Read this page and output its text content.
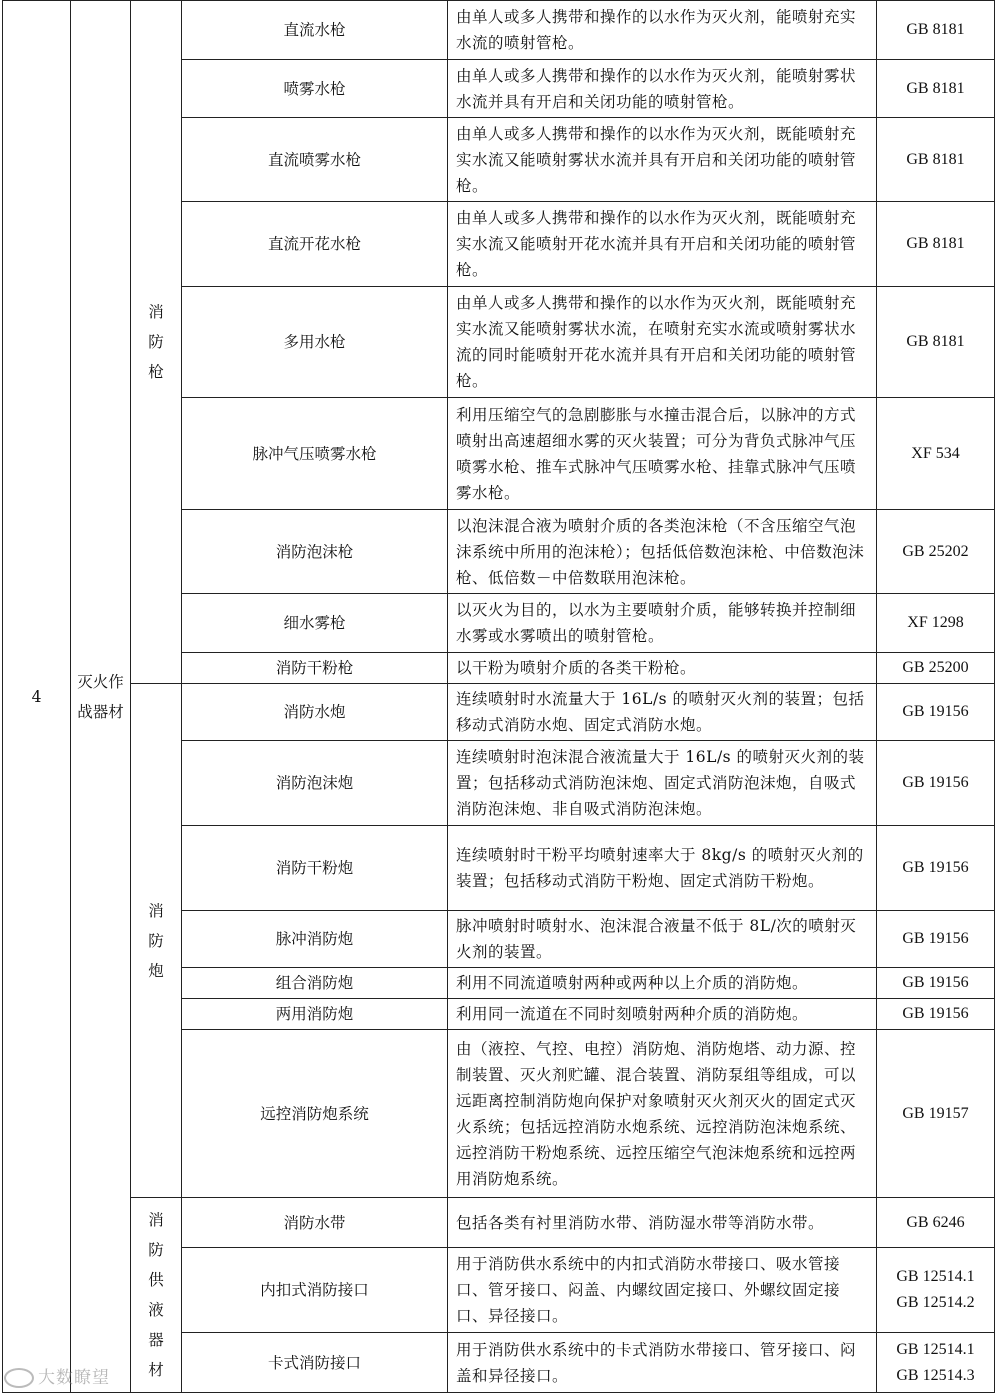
4	灭火作战器材	消防枪	直流水枪	由单人或多人携带和操作的以水作为灭火剂，能喷射充实水流的喷射管枪。	GB 8181
			喷雾水枪	由单人或多人携带和操作的以水作为灭火剂，能喷射雾状水流并具有开启和关闭功能的喷射管枪。	GB 8181
			直流喷雾水枪	由单人或多人携带和操作的以水作为灭火剂，既能喷射充实水流又能喷射雾状水流并具有开启和关闭功能的喷射管枪。	GB 8181
			直流开花水枪	由单人或多人携带和操作的以水作为灭火剂，既能喷射充实水流又能喷射开花水流并具有开启和关闭功能的喷射管枪。	GB 8181
			多用水枪	由单人或多人携带和操作的以水作为灭火剂，既能喷射充实水流又能喷射雾状水流，在喷射充实水流或喷射雾状水流的同时能喷射开花水流并具有开启和关闭功能的喷射管枪。	GB 8181
			脉冲气压喷雾水枪	利用压缩空气的急剧膨胀与水撞击混合后，以脉冲的方式喷射出高速超细水雾的灭火装置；可分为背负式脉冲气压喷雾水枪、推车式脉冲气压喷雾水枪、挂靠式脉冲气压喷雾水枪。	XF 534
			消防泡沫枪	以泡沫混合液为喷射介质的各类泡沫枪（不含压缩空气泡沫系统中所用的泡沫枪）；包括低倍数泡沫枪、中倍数泡沫枪、低倍数－中倍数联用泡沫枪。	GB 25202
			细水雾枪	以灭火为目的，以水为主要喷射介质，能够转换并控制细水雾或水雾喷出的喷射管枪。	XF 1298
			消防干粉枪	以干粉为喷射介质的各类干粉枪。	GB 25200
		消防炮	消防水炮	连续喷射时水流量大于 16L/s 的喷射灭火剂的装置；包括移动式消防水炮、固定式消防水炮。	GB 19156
			消防泡沫炮	连续喷射时泡沫混合液流量大于 16L/s 的喷射灭火剂的装置；包括移动式消防泡沫炮、固定式消防泡沫炮，自吸式消防泡沫炮、非自吸式消防泡沫炮。	GB 19156
			消防干粉炮	连续喷射时干粉平均喷射速率大于 8kg/s 的喷射灭火剂的装置；包括移动式消防干粉炮、固定式消防干粉炮。	GB 19156
			脉冲消防炮	脉冲喷射时喷射水、泡沫混合液量不低于 8L/次的喷射灭火剂的装置。	GB 19156
			组合消防炮	利用不同流道喷射两种或两种以上介质的消防炮。	GB 19156
			两用消防炮	利用同一流道在不同时刻喷射两种介质的消防炮。	GB 19156
			远控消防炮系统	由（液控、气控、电控）消防炮、消防炮塔、动力源、控制装置、灭火剂贮罐、混合装置、消防泵组等组成，可以远距离控制消防炮向保护对象喷射灭火剂灭火的固定式灭火系统；包括远控消防水炮系统、远控消防泡沫炮系统、远控消防干粉炮系统、远控压缩空气泡沫炮系统和远控两用消防炮系统。	GB 19157
		消防供液器材	消防水带	包括各类有衬里消防水带、消防湿水带等消防水带。	GB 6246
			内扣式消防接口	用于消防供水系统中的内扣式消防水带接口、吸水管接口、管牙接口、闷盖、内螺纹固定接口、外螺纹固定接口、异径接口。	GB 12514.1
GB 12514.2
			卡式消防接口	用于消防供水系统中的卡式消防水带接口、管牙接口、闷盖和异径接口。	GB 12514.1
GB 12514.3
大数瞭望
